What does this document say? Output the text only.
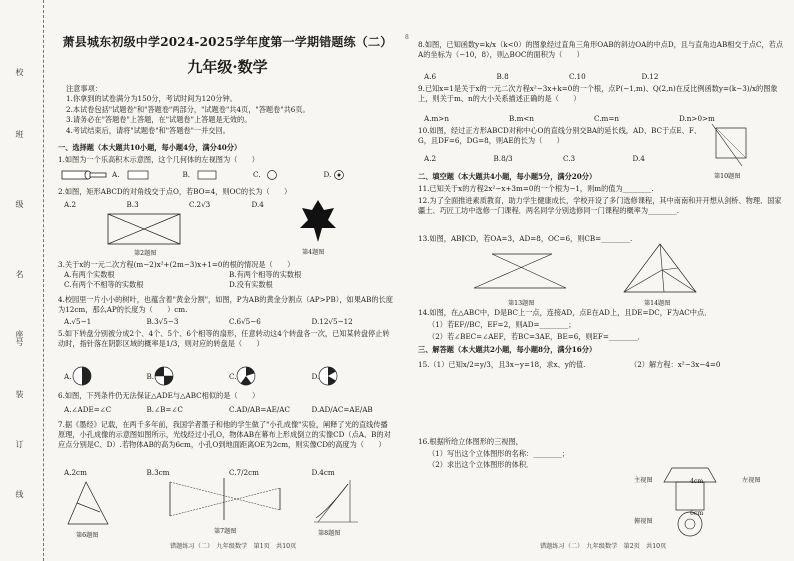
校
班
级
名
座号
装
订
线
萧县城东初级中学2024-2025学年度第一学期错题练（二）
九年级·数学
注意事项：
1.你拿到的试卷满分为150分，考试时间为120分钟。
2.本试卷包括"试题卷"和"答题卷"两部分，"试题卷"共4页，"答题卷"共6页。
3.请务必在"答题卷"上答题，在"试题卷"上答题是无效的。
4.考试结束后，请将"试题卷"和"答题卷"一并交回。
一、选择题（本大题共10小题，每小题4分，满分40分）
1.如图为一个乐高积木示意图，这个几何体的左视图为（　　）
A.	B.	C.	D.
2.如图，矩形ABCD的对角线交于点O，若BO=4，则OC的长为（　　）
A.2	B.3	C.2√3	D.4
第2题图	第4题图
3.关于x的一元二次方程(m−2)x²+(2m−3)x+1=0的根的情况是（　　）
A.有两个实数根	B.有两个相等的实数根
C.有两个不相等的实数根	D.没有实数根
4.校园里一片小小的树叶，也蕴含着"黄金分割"，如图，P为AB的黄金分割点（AP>PB），如果AB的长度为12cm，那么AP的长度为（　　）cm.
A.√5−1	B.3√5−3	C.6√5−6	D.12√5−12
5.如下转盘分别被分成2个、4个、5个、6个相等的扇形，任意转动这4个转盘各一次，已知某转盘停止转动时，指针落在阴影区域的概率是1/3，则对应的转盘是（　　）
A.	B.	C.	D.
6.如图，下列条件仍无法保证△ADE与△ABC相似的是（　　）
A.∠ADE=∠C	B.∠B=∠C	C.AD/AB=AE/AC	D.AD/AC=AE/AB
7.据《墨经》记载，在两千多年前，我国学者墨子和他的学生做了"小孔成像"实验，阐释了光的直线传播原理，小孔成像的示意图如图所示，光线经过小孔O，物体AB在幕布上形成倒立的实像CD（点A、B的对应点分别是C、D）.若物体AB的高为6cm，小孔O到地面距离OE为2cm，则实像CD的高度为（　　）
A.2cm	B.3cm	C.7/2cm	D.4cm
第6题图
第7题图	第8题图
错题练习（二）　九年级数学　第1页　共10页
8
8.如图，已知函数y=k/x（k<0）的图象经过直角三角形OAB的斜边OA的中点D，且与直角边AB相交于点C，若点A的坐标为（−10，8），则△BOC的面积为（　　）
A.6	B.8	C.10	D.12
9.已知x=1是关于x的一元二次方程x²−3x+k=0的一个根，点P(−1,m)、Q(2,n)在反比例函数y=(k−3)/x的图象上，则关于m、n的大小关系描述正确的是（　　）
A.m>n	B.m<n	C.m=n	D.n>0>m
10.如图，经过正方形ABCD对称中心O的直线分别交BA的延长线，AD、BC于点E、F、G，且DF=6，DG=8，则AE的长为（　　）
A.2	B.8/3	C.3	D.4
第10题图
二、填空题（本大题共4小题，每小题5分，满分20分）
11.已知关于x的方程2x²−x+3m=0的一个根为−1，则m的值为________.
12.为了全面推进素质教育，助力学生健康成长，学校开设了多门选修课程，其中南南和开开想从剑桥、物理、国家疆土、巧匠工坊中选修一门课程．两名同学分别选修同一门课程的概率为________.
13.如图，AB∥CD，若OA=3，AD=8，OC=6，则CB=________.
第13题图	第14题图
14.如图，在△ABC中，D是BC上一点，连接AD，点E在AD上，且DE=DC，F为AC中点．
（1）若EF//BC，EF=2，则AD=________；
（2）若∠BEC=∠AEF，若BC=3AE，BE=6，则EF=________．
三、解答题（本大题共2小题，每小题8分，满分16分）
15.（1）已知x/2=y/3，且3x−y=18，求x、y的值.	（2）解方程：x²−3x−4=0
16.根据所给立体图形的三视图，
（1）写出这个立体图形的名称：________；
（2）求出这个立体图形的体积．
主视图	左视图
俯视图
4cm
6cm
错题练习（二）　九年级数学　第2页　共10页
